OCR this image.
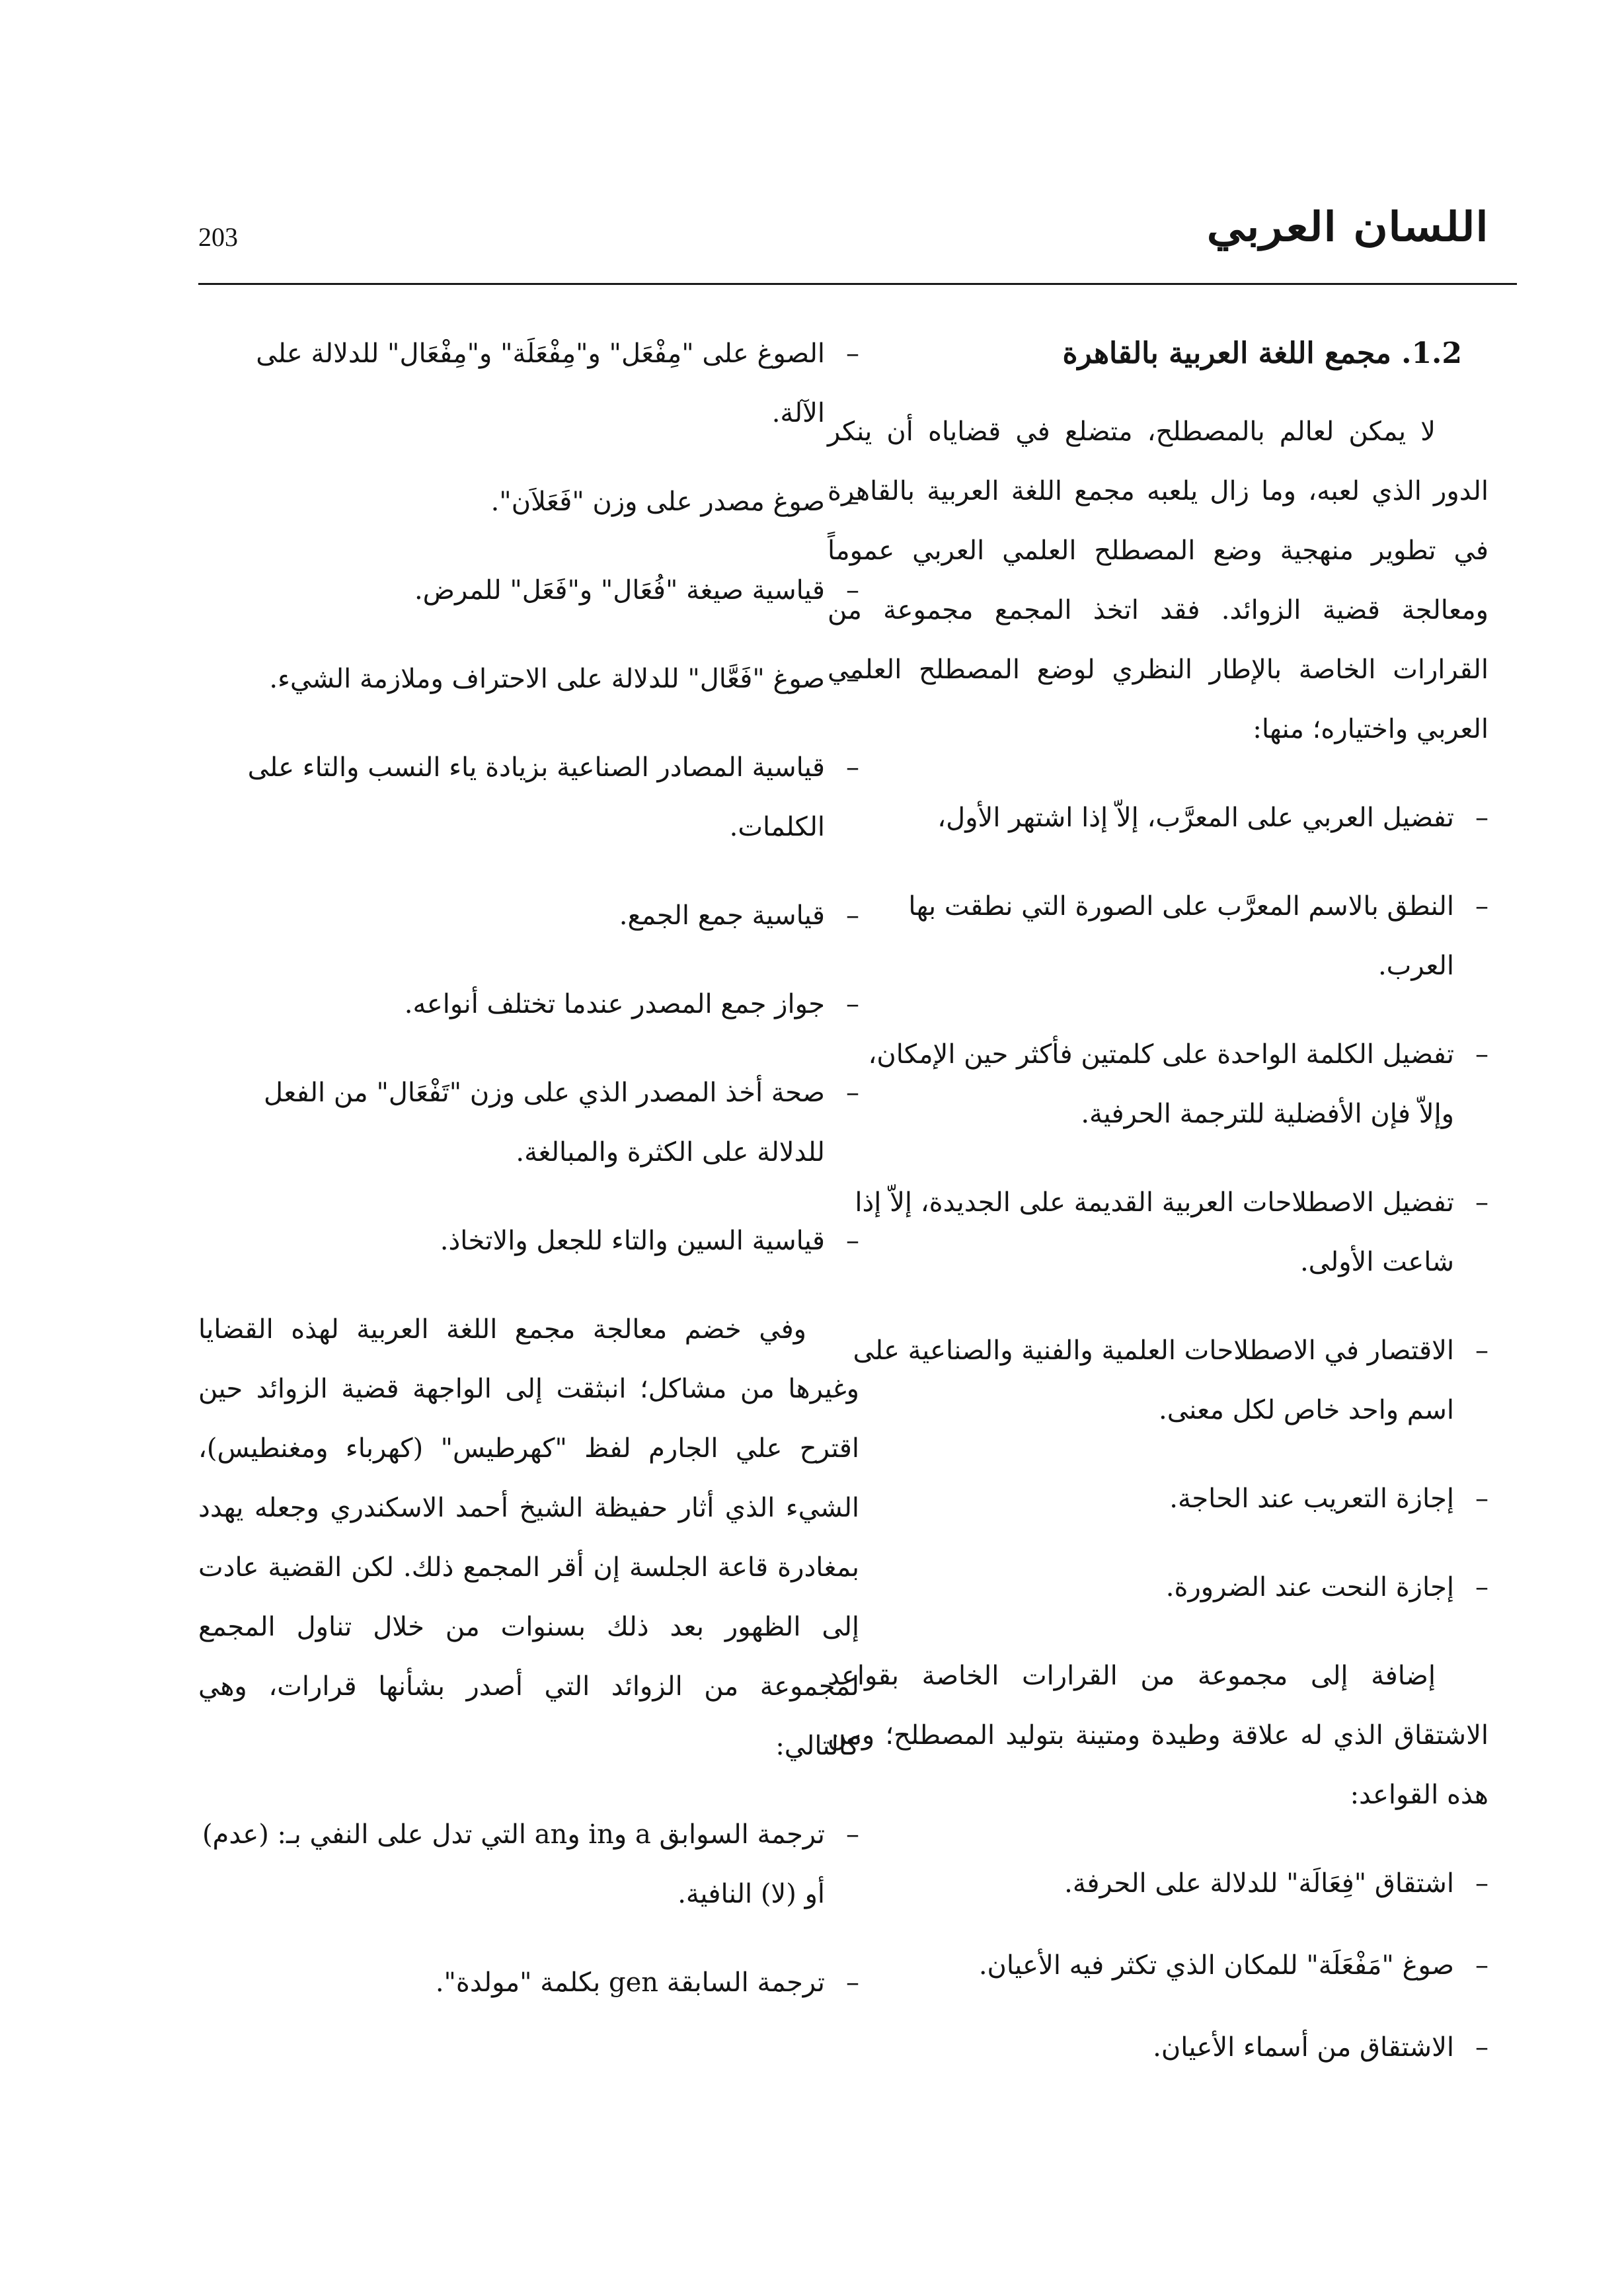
203	اللسان العربي
1.2. مجمع اللغة العربية بالقاهرة

لا يمكن لعالم بالمصطلح، متضلع في قضاياه أن ينكر الدور الذي لعبه، وما زال يلعبه مجمع اللغة العربية بالقاهرة في تطوير منهجية وضع المصطلح العلمي العربي عموماً ومعالجة قضية الزوائد. فقد اتخذ المجمع مجموعة من القرارات الخاصة بالإطار النظري لوضع المصطلح العلمي العربي واختياره؛ منها:

– تفضيل العربي على المعرَّب، إلاّ إذا اشتهر الأول،
– النطق بالاسم المعرَّب على الصورة التي نطقت بها العرب.
– تفضيل الكلمة الواحدة على كلمتين فأكثر حين الإمكان، وإلاّ فإن الأفضلية للترجمة الحرفية.
– تفضيل الاصطلاحات العربية القديمة على الجديدة، إلاّ إذا شاعت الأولى.
– الاقتصار في الاصطلاحات العلمية والفنية والصناعية على اسم واحد خاص لكل معنى.
– إجازة التعريب عند الحاجة.
– إجازة النحت عند الضرورة.

إضافة إلى مجموعة من القرارات الخاصة بقواعد الاشتقاق الذي له علاقة وطيدة ومتينة بتوليد المصطلح؛ ومن هذه القواعد:

– اشتقاق "فِعَالَة" للدلالة على الحرفة.
– صوغ "مَفْعَلَة" للمكان الذي تكثر فيه الأعيان.
– الاشتقاق من أسماء الأعيان.
– الصوغ على "مِفْعَل" و"مِفْعَلَة" و"مِفْعَال" للدلالة على الآلة.
– صوغ مصدر على وزن "فَعَلاَن".
– قياسية صيغة "فُعَال" و"فَعَل" للمرض.
– صوغ "فَعَّال" للدلالة على الاحتراف وملازمة الشيء.
– قياسية المصادر الصناعية بزيادة ياء النسب والتاء على الكلمات.
– قياسية جمع الجمع.
– جواز جمع المصدر عندما تختلف أنواعه.
– صحة أخذ المصدر الذي على وزن "تَفْعَال" من الفعل للدلالة على الكثرة والمبالغة.
– قياسية السين والتاء للجعل والاتخاذ.

وفي خضم معالجة مجمع اللغة العربية لهذه القضايا وغيرها من مشاكل؛ انبثقت إلى الواجهة قضية الزوائد حين اقترح علي الجارم لفظ "كهرطيس" (كهرباء ومغنطيس)، الشيء الذي أثار حفيظة الشيخ أحمد الاسكندري وجعله يهدد بمغادرة قاعة الجلسة إن أقر المجمع ذلك. لكن القضية عادت إلى الظهور بعد ذلك بسنوات من خلال تناول المجمع لمجموعة من الزوائد التي أصدر بشأنها قرارات، وهي كالتالي:

– ترجمة السوابق a وin وan التي تدل على النفي بـ: (عدم) أو (لا) النافية.
– ترجمة السابقة gen بكلمة "مولدة".
